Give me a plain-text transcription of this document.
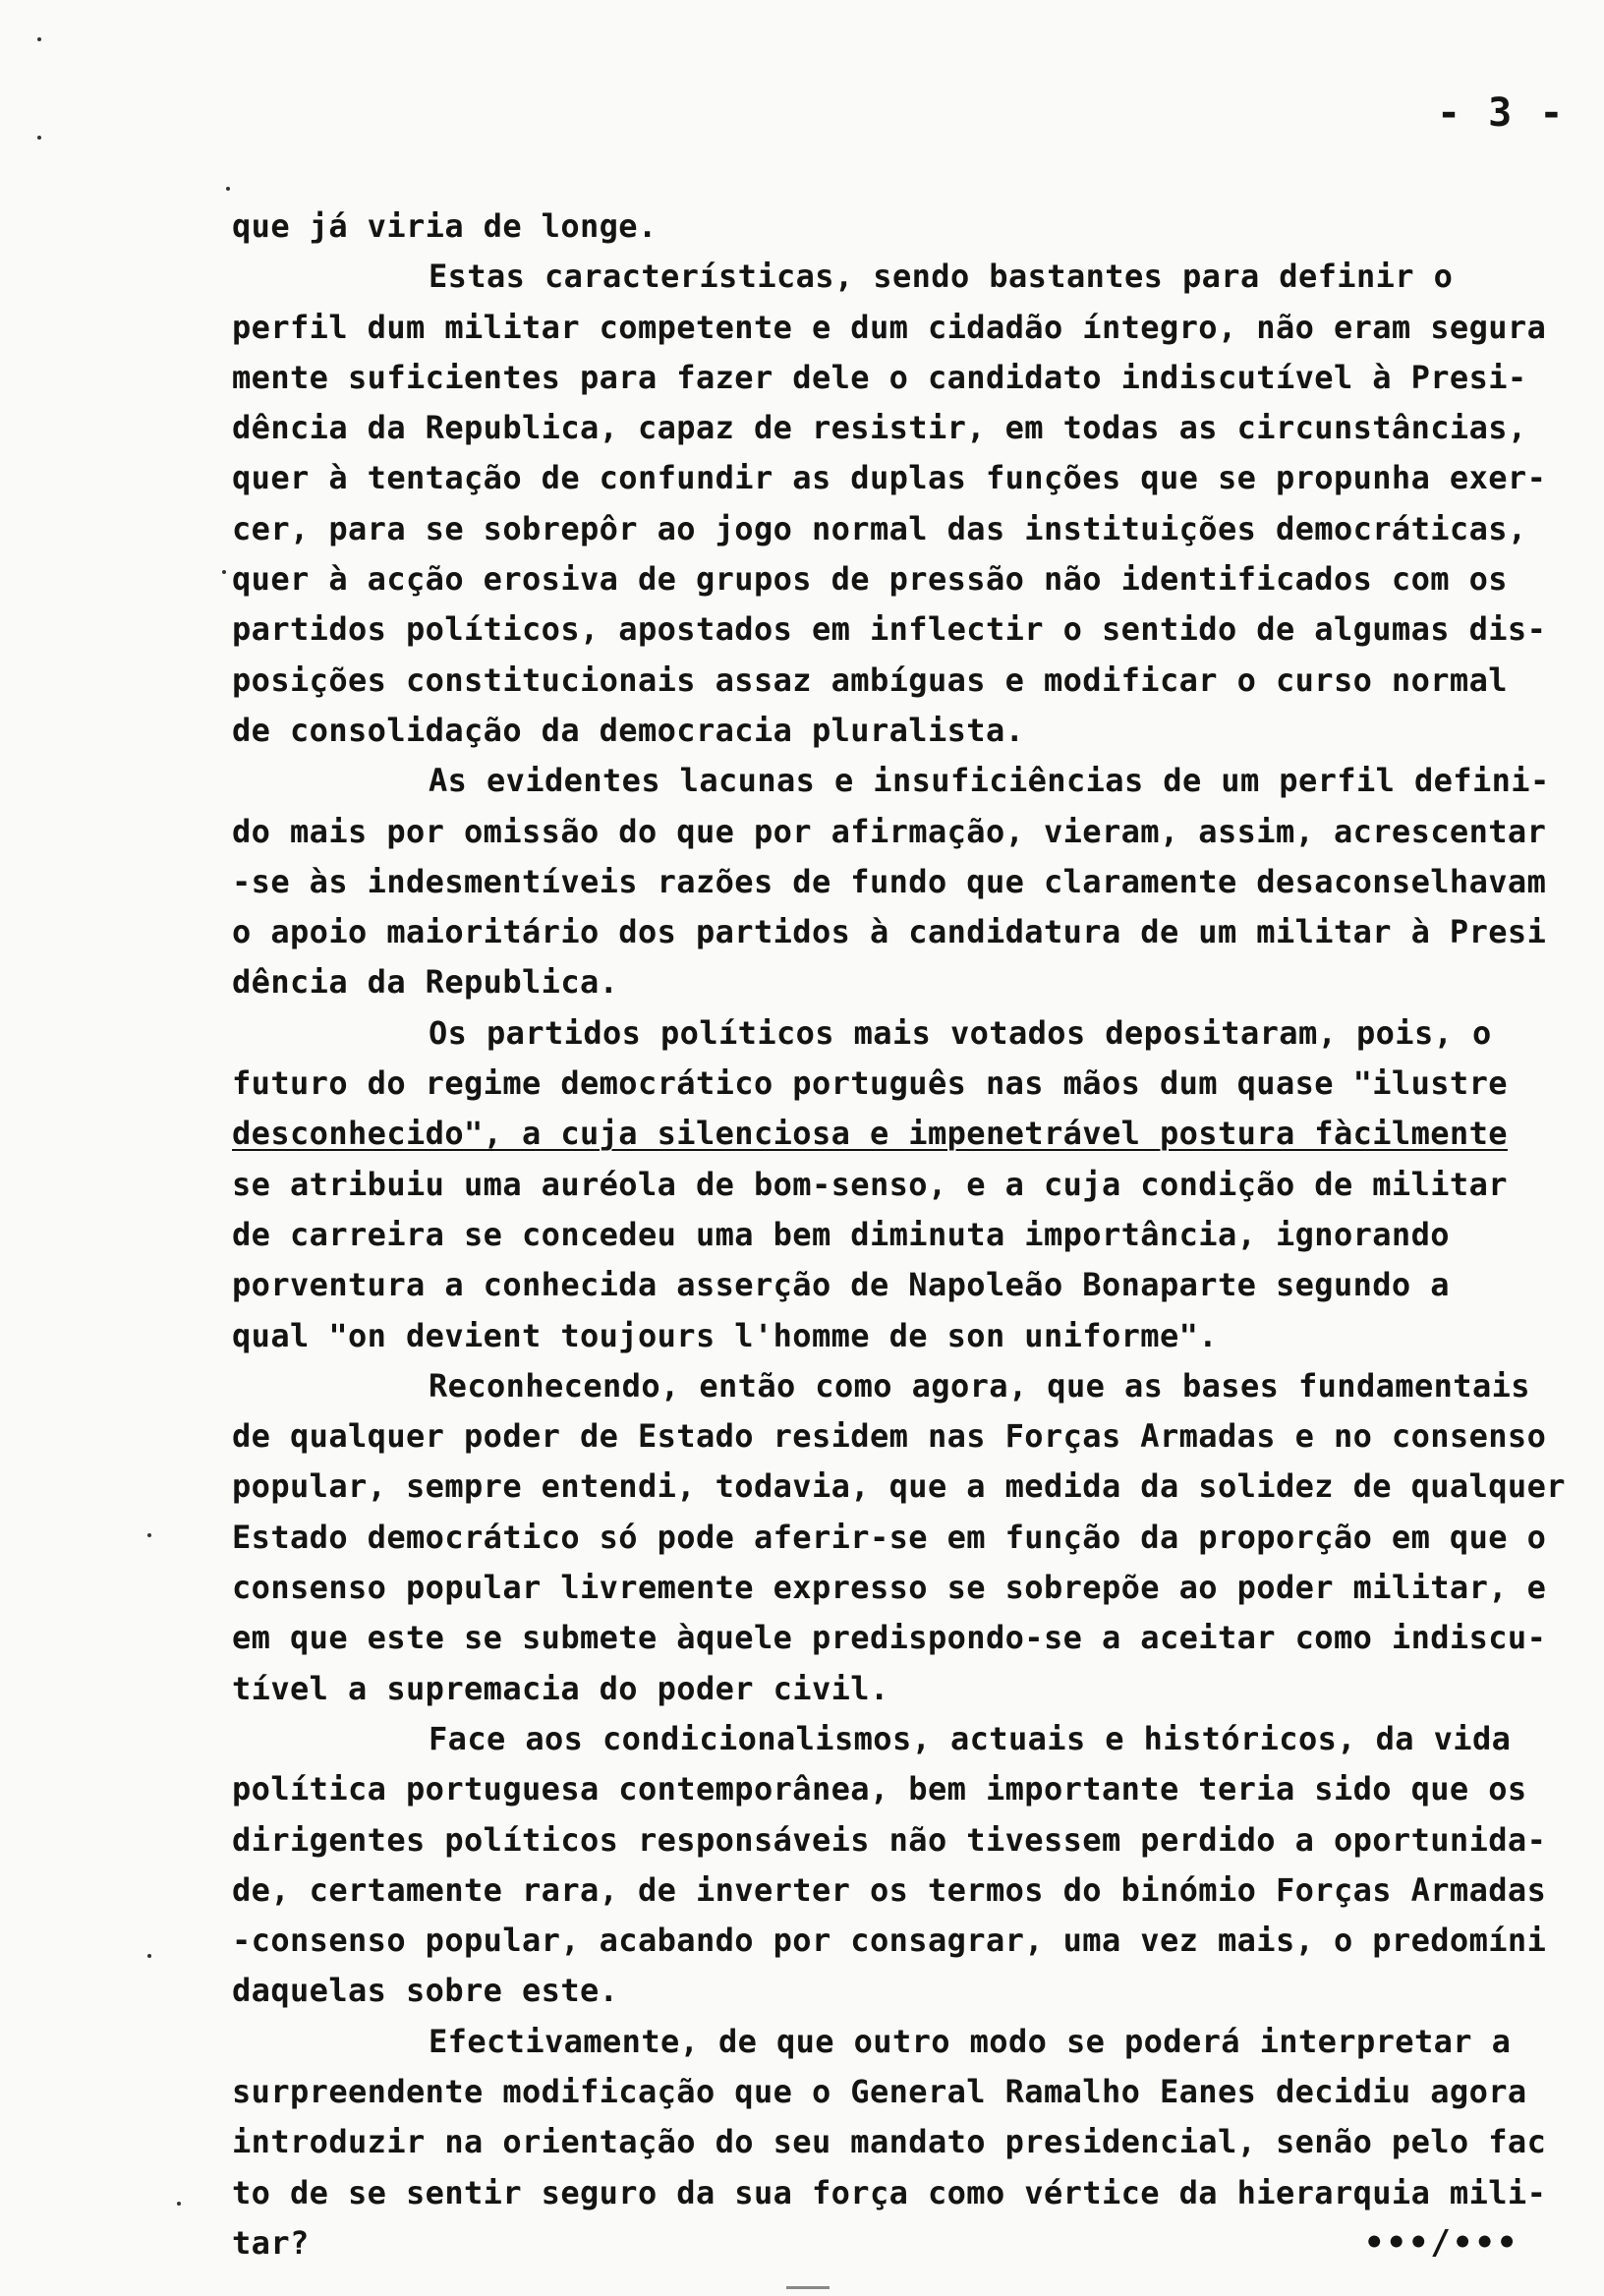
- 3 -
que já viria de longe.
Estas características, sendo bastantes para definir o
perfil dum militar competente e dum cidadão íntegro, não eram segura
mente suficientes para fazer dele o candidato indiscutível à Presi-
dência da Republica, capaz de resistir, em todas as circunstâncias,
quer à tentação de confundir as duplas funções que se propunha exer-
cer, para se sobrepôr ao jogo normal das instituições democráticas,
quer à acção erosiva de grupos de pressão não identificados com os
partidos políticos, apostados em inflectir o sentido de algumas dis-
posições constitucionais assaz ambíguas e modificar o curso normal
de consolidação da democracia pluralista.
As evidentes lacunas e insuficiências de um perfil defini-
do mais por omissão do que por afirmação, vieram, assim, acrescentar
-se às indesmentíveis razões de fundo que claramente desaconselhavam
o apoio maioritário dos partidos à candidatura de um militar à Presi
dência da Republica.
Os partidos políticos mais votados depositaram, pois, o
futuro do regime democrático português nas mãos dum quase "ilustre
desconhecido", a cuja silenciosa e impenetrável postura fàcilmente
se atribuiu uma auréola de bom-senso, e a cuja condição de militar
de carreira se concedeu uma bem diminuta importância, ignorando
porventura a conhecida asserção de Napoleão Bonaparte segundo a
qual "on devient toujours l'homme de son uniforme".
Reconhecendo, então como agora, que as bases fundamentais
de qualquer poder de Estado residem nas Forças Armadas e no consenso
popular, sempre entendi, todavia, que a medida da solidez de qualquer
Estado democrático só pode aferir-se em função da proporção em que o
consenso popular livremente expresso se sobrepõe ao poder militar, e
em que este se submete àquele predispondo-se a aceitar como indiscu-
tível a supremacia do poder civil.
Face aos condicionalismos, actuais e históricos, da vida
política portuguesa contemporânea, bem importante teria sido que os
dirigentes políticos responsáveis não tivessem perdido a oportunida-
de, certamente rara, de inverter os termos do binómio Forças Armadas
-consenso popular, acabando por consagrar, uma vez mais, o predomíni
daquelas sobre este.
Efectivamente, de que outro modo se poderá interpretar a
surpreendente modificação que o General Ramalho Eanes decidiu agora
introduzir na orientação do seu mandato presidencial, senão pelo fac
to de se sentir seguro da sua força como vértice da hierarquia mili-
tar?	•••/•••
